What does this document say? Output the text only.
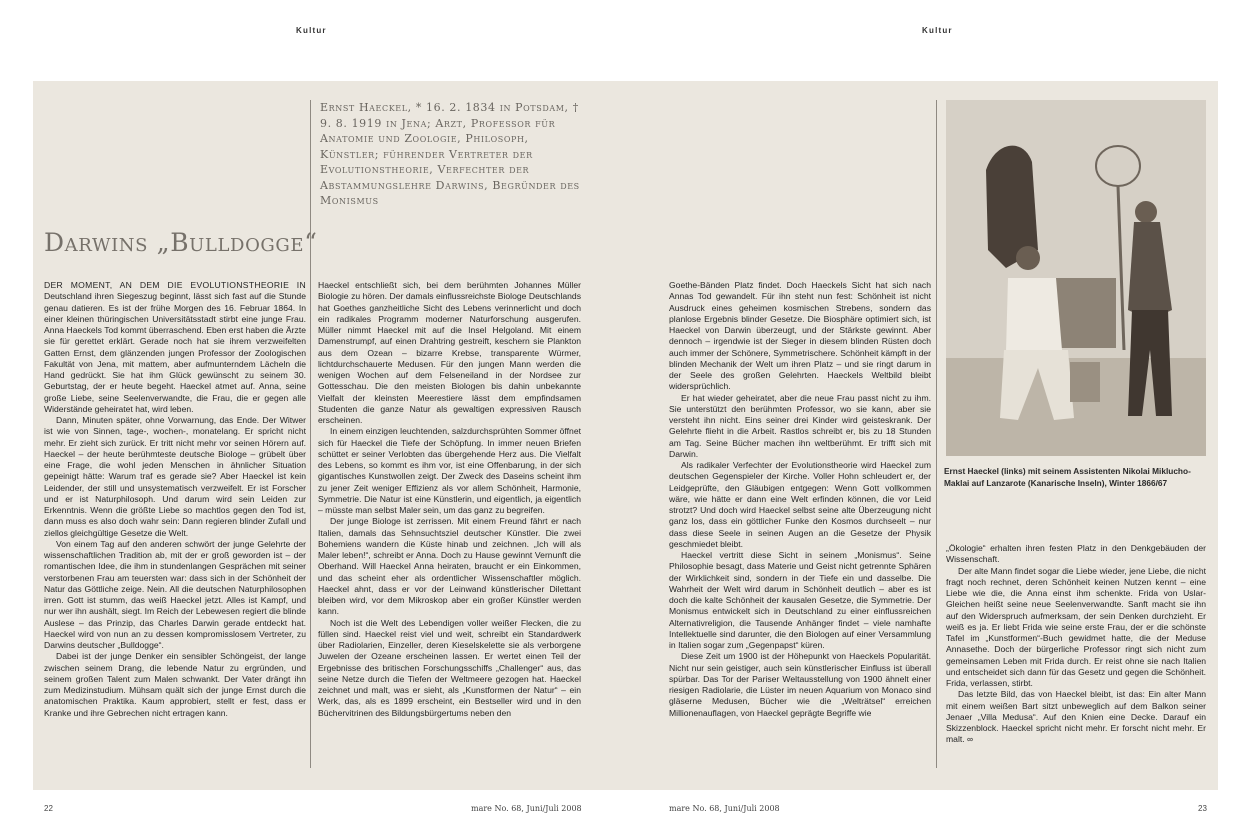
Kultur	Kultur
Ernst Haeckel, * 16. 2. 1834 in Potsdam, † 9. 8. 1919 in Jena; Arzt, Professor für Anatomie und Zoologie, Philosoph, Künstler; führender Vertreter der Evolutionstheorie, Verfechter der Abstammungslehre Darwins, Begründer des Monismus
Darwins „Bulldogge“

DER MOMENT, AN DEM DIE EVOLUTIONSTHEORIE IN Deutschland ihren Siegeszug beginnt, lässt sich fast auf die Stunde genau datieren. Es ist der frühe Morgen des 16. Februar 1864. In einer kleinen thüringischen Universitätsstadt stirbt eine junge Frau. Anna Haeckels Tod kommt überraschend. Eben erst haben die Ärzte sie für gerettet erklärt. Gerade noch hat sie ihrem verzweifelten Gatten Ernst, dem glänzenden jungen Professor der Zoologischen Fakultät von Jena, mit mattem, aber aufmunterndem Lächeln die Hand gedrückt. Sie hat ihm Glück gewünscht zu seinem 30. Geburtstag, der er heute begeht. Haeckel atmet auf. Anna, seine große Liebe, seine Seelenverwandte, die Frau, die er gegen alle Widerstände geheiratet hat, wird leben.

Dann, Minuten später, ohne Vorwarnung, das Ende. Der Witwer ist wie von Sinnen, tage-, wochen-, monatelang. Er spricht nicht mehr. Er zieht sich zurück. Er tritt nicht mehr vor seinen Hörern auf. Haeckel – der heute berühmteste deutsche Biologe – grübelt über eine Frage, die wohl jeden Menschen in ähnlicher Situation gepeinigt hätte: Warum traf es gerade sie? Aber Haeckel ist kein Leidender, der still und unsystematisch verzweifelt. Er ist Forscher und er ist Naturphilosoph. Und darum wird sein Leiden zur Erkenntnis. Wenn die größte Liebe so machtlos gegen den Tod ist, dann muss es also doch wahr sein: Dann regieren blinder Zufall und ziellos gleichgültige Gesetze die Welt.

Von einem Tag auf den anderen schwört der junge Gelehrte der wissenschaftlichen Tradition ab, mit der er groß geworden ist – der romantischen Idee, die ihm in stundenlangen Gesprächen mit seiner verstorbenen Frau am teuersten war: dass sich in der Schönheit der Natur das Göttliche zeige. Nein. All die deutschen Naturphilosophen irren. Gott ist stumm, das weiß Haeckel jetzt. Alles ist Kampf, und nur wer ihn aushält, siegt. Im Reich der Lebewesen regiert die blinde Auslese – das Prinzip, das Charles Darwin gerade entdeckt hat. Haeckel wird von nun an zu dessen kompromisslosem Vertreter, zu Darwins deutscher „Bulldogge“.

Dabei ist der junge Denker ein sensibler Schöngeist, der lange zwischen seinem Drang, die lebende Natur zu ergründen, und seinem großen Talent zum Malen schwankt. Der Vater drängt ihn zum Medizinstudium. Mühsam quält sich der junge Ernst durch die anatomischen Praktika. Kaum approbiert, stellt er fest, dass er Kranke und ihre Gebrechen nicht ertragen kann.

Haeckel entschließt sich, bei dem berühmten Johannes Müller Biologie zu hören. Der damals einflussreichste Biologe Deutschlands hat Goethes ganzheitliche Sicht des Lebens verinnerlicht und doch ein radikales Programm moderner Naturforschung ausgerufen. Müller nimmt Haeckel mit auf die Insel Helgoland. Mit einem Damenstrumpf, auf einen Drahtring gestreift, keschern sie Plankton aus dem Ozean – bizarre Krebse, transparente Würmer, lichtdurchschauerte Medusen. Für den jungen Mann werden die wenigen Wochen auf dem Felseneiland in der Nordsee zur Gottesschau. Die den meisten Biologen bis dahin unbekannte Vielfalt der kleinsten Meerestiere lässt dem empfindsamen Studenten die ganze Natur als gewaltigen expressiven Rausch erscheinen.

In einem einzigen leuchtenden, salzdurchsprühten Sommer öffnet sich für Haeckel die Tiefe der Schöpfung. In immer neuen Briefen schüttet er seiner Verlobten das übergehende Herz aus. Die Vielfalt des Lebens, so kommt es ihm vor, ist eine Offenbarung, in der sich gigantisches Kunstwollen zeigt. Der Zweck des Daseins scheint ihm zu jener Zeit weniger Effizienz als vor allem Schönheit, Harmonie, Symmetrie. Die Natur ist eine Künstlerin, und eigentlich, ja eigentlich – müsste man selbst Maler sein, um das ganz zu begreifen.

Der junge Biologe ist zerrissen. Mit einem Freund fährt er nach Italien, damals das Sehnsuchtsziel deutscher Künstler. Die zwei Bohemiens wandern die Küste hinab und zeichnen. „Ich will als Maler leben!“, schreibt er Anna. Doch zu Hause gewinnt Vernunft die Oberhand. Will Haeckel Anna heiraten, braucht er ein Einkommen, und das scheint eher als ordentlicher Wissenschaftler möglich. Haeckel ahnt, dass er vor der Leinwand künstlerischer Dilettant bleiben wird, vor dem Mikroskop aber ein großer Künstler werden kann.

Noch ist die Welt des Lebendigen voller weißer Flecken, die zu füllen sind. Haeckel reist viel und weit, schreibt ein Standardwerk über Radiolarien, Einzeller, deren Kieselskelette sie als verborgene Juwelen der Ozeane erscheinen lassen. Er wertet einen Teil der Ergebnisse des britischen Forschungsschiffs „Challenger“ aus, das seine Netze durch die Tiefen der Weltmeere gezogen hat. Haeckel zeichnet und malt, was er sieht, als „Kunstformen der Natur“ – ein Werk, das, als es 1899 erscheint, ein Bestseller wird und in den Büchervitrinen des Bildungsbürgertums neben den

Goethe-Bänden Platz findet. Doch Haeckels Sicht hat sich nach Annas Tod gewandelt. Für ihn steht nun fest: Schönheit ist nicht Ausdruck eines geheimen kosmischen Strebens, sondern das planlose Ergebnis blinder Gesetze. Die Biosphäre optimiert sich, ist Haeckel von Darwin überzeugt, und der Stärkste gewinnt. Aber dennoch – irgendwie ist der Sieger in diesem blinden Rüsten doch auch immer der Schönere, Symmetrischere. Schönheit kämpft in der blinden Mechanik der Welt um ihren Platz – und sie ringt darum in der Seele des großen Gelehrten. Haeckels Weltbild bleibt widersprüchlich.

Er hat wieder geheiratet, aber die neue Frau passt nicht zu ihm. Sie unterstützt den berühmten Professor, wo sie kann, aber sie versteht ihn nicht. Eins seiner drei Kinder wird geisteskrank. Der Gelehrte flieht in die Arbeit. Rastlos schreibt er, bis zu 18 Stunden am Tag. Seine Bücher machen ihn weltberühmt. Er trifft sich mit Darwin.

Als radikaler Verfechter der Evolutionstheorie wird Haeckel zum deutschen Gegenspieler der Kirche. Voller Hohn schleudert er, der Leidgeprüfte, den Gläubigen entgegen: Wenn Gott vollkommen wäre, wie hätte er dann eine Welt erfinden können, die vor Leid strotzt? Und doch wird Haeckel selbst seine alte Überzeugung nicht ganz los, dass ein göttlicher Funke den Kosmos durchseelt – nur dass diese Seele in seinen Augen an die Gesetze der Physik geschmiedet bleibt.

Haeckel vertritt diese Sicht in seinem „Monismus“. Seine Philosophie besagt, dass Materie und Geist nicht getrennte Sphären der Wirklichkeit sind, sondern in der Tiefe ein und dasselbe. Die Wahrheit der Welt wird darum in Schönheit deutlich – aber es ist doch die kalte Schönheit der kausalen Gesetze, die Symmetrie. Der Monismus entwickelt sich in Deutschland zu einer einflussreichen Alternativreligion, die Tausende Anhänger findet – viele namhafte Intellektuelle sind darunter, die den Biologen auf einer Versammlung in Italien sogar zum „Gegenpapst“ küren.

Diese Zeit um 1900 ist der Höhepunkt von Haeckels Popularität. Nicht nur sein geistiger, auch sein künstlerischer Einfluss ist überall spürbar. Das Tor der Pariser Weltausstellung von 1900 ähnelt einer riesigen Radiolarie, die Lüster im neuen Aquarium von Monaco sind gläserne Medusen, Bücher wie die „Welträtsel“ erreichen Millionenauflagen, von Haeckel geprägte Begriffe wie

Ernst Haeckel (links) mit seinem Assistenten Nikolai Miklucho-Maklai auf Lanzarote (Kanarische Inseln), Winter 1866/67

„Ökologie“ erhalten ihren festen Platz in den Denkgebäuden der Wissenschaft.

Der alte Mann findet sogar die Liebe wieder, jene Liebe, die nicht fragt noch rechnet, deren Schönheit keinen Nutzen kennt – eine Liebe wie die, die Anna einst ihm schenkte. Frida von Uslar-Gleichen heißt seine neue Seelenverwandte. Sanft macht sie ihn auf den Widerspruch aufmerksam, der sein Denken durchzieht. Er weiß es ja. Er liebt Frida wie seine erste Frau, der er die schönste Tafel im „Kunstformen“-Buch gewidmet hatte, die der Meduse Annasethe. Doch der bürgerliche Professor ringt sich nicht zum gemeinsamen Leben mit Frida durch. Er reist ohne sie nach Italien und entscheidet sich dann für das Gesetz und gegen die Schönheit. Frida, verlassen, stirbt.

Das letzte Bild, das von Haeckel bleibt, ist das: Ein alter Mann mit einem weißen Bart sitzt unbeweglich auf dem Balkon seiner Jenaer „Villa Medusa“. Auf den Knien eine Decke. Darauf ein Skizzenblock. Haeckel spricht nicht mehr. Er forscht nicht mehr. Er malt. ∞

22	mare No. 68, Juni/Juli 2008	mare No. 68, Juni/Juli 2008	23
